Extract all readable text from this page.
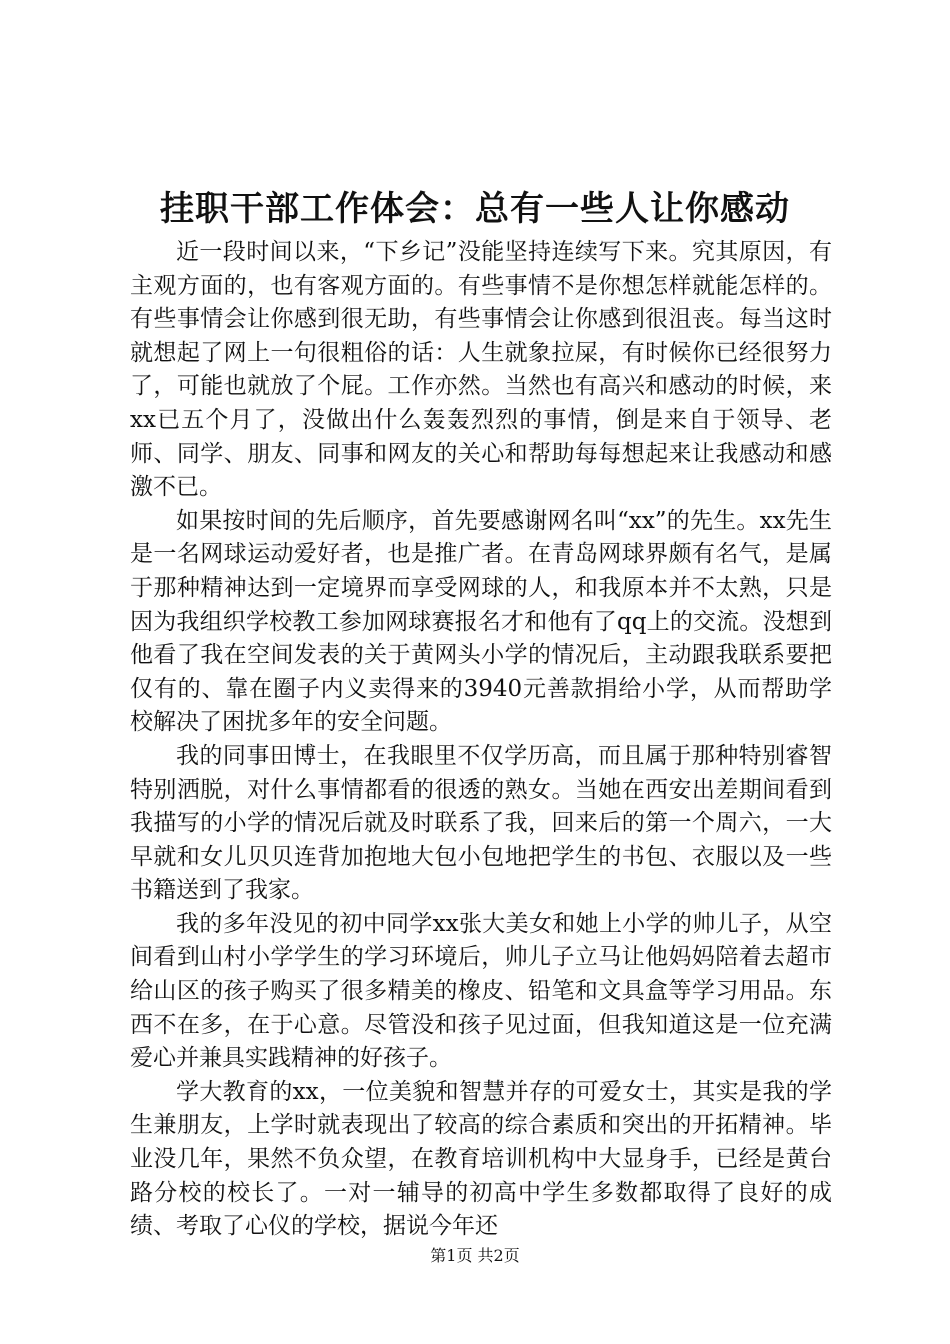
挂职干部工作体会：总有一些人让你感动

近一段时间以来，“下乡记”没能坚持连续写下来。究其原因，有主观方面的，也有客观方面的。有些事情不是你想怎样就能怎样的。有些事情会让你感到很无助，有些事情会让你感到很沮丧。每当这时就想起了网上一句很粗俗的话：人生就象拉屎，有时候你已经很努力了，可能也就放了个屁。工作亦然。当然也有高兴和感动的时候，来xx已五个月了，没做出什么轰轰烈烈的事情，倒是来自于领导、老师、同学、朋友、同事和网友的关心和帮助每每想起来让我感动和感激不已。

如果按时间的先后顺序，首先要感谢网名叫“xx”的先生。xx先生是一名网球运动爱好者，也是推广者。在青岛网球界颇有名气，是属于那种精神达到一定境界而享受网球的人，和我原本并不太熟，只是因为我组织学校教工参加网球赛报名才和他有了qq上的交流。没想到他看了我在空间发表的关于黄网头小学的情况后，主动跟我联系要把仅有的、靠在圈子内义卖得来的3940元善款捐给小学，从而帮助学校解决了困扰多年的安全问题。

我的同事田博士，在我眼里不仅学历高，而且属于那种特别睿智特别洒脱，对什么事情都看的很透的熟女。当她在西安出差期间看到我描写的小学的情况后就及时联系了我，回来后的第一个周六，一大早就和女儿贝贝连背加抱地大包小包地把学生的书包、衣服以及一些书籍送到了我家。

我的多年没见的初中同学xx张大美女和她上小学的帅儿子，从空间看到山村小学学生的学习环境后，帅儿子立马让他妈妈陪着去超市给山区的孩子购买了很多精美的橡皮、铅笔和文具盒等学习用品。东西不在多，在于心意。尽管没和孩子见过面，但我知道这是一位充满爱心并兼具实践精神的好孩子。

学大教育的xx，一位美貌和智慧并存的可爱女士，其实是我的学生兼朋友，上学时就表现出了较高的综合素质和突出的开拓精神。毕业没几年，果然不负众望，在教育培训机构中大显身手，已经是黄台路分校的校长了。一对一辅导的初高中学生多数都取得了良好的成绩、考取了心仪的学校，据说今年还

第1页 共2页
